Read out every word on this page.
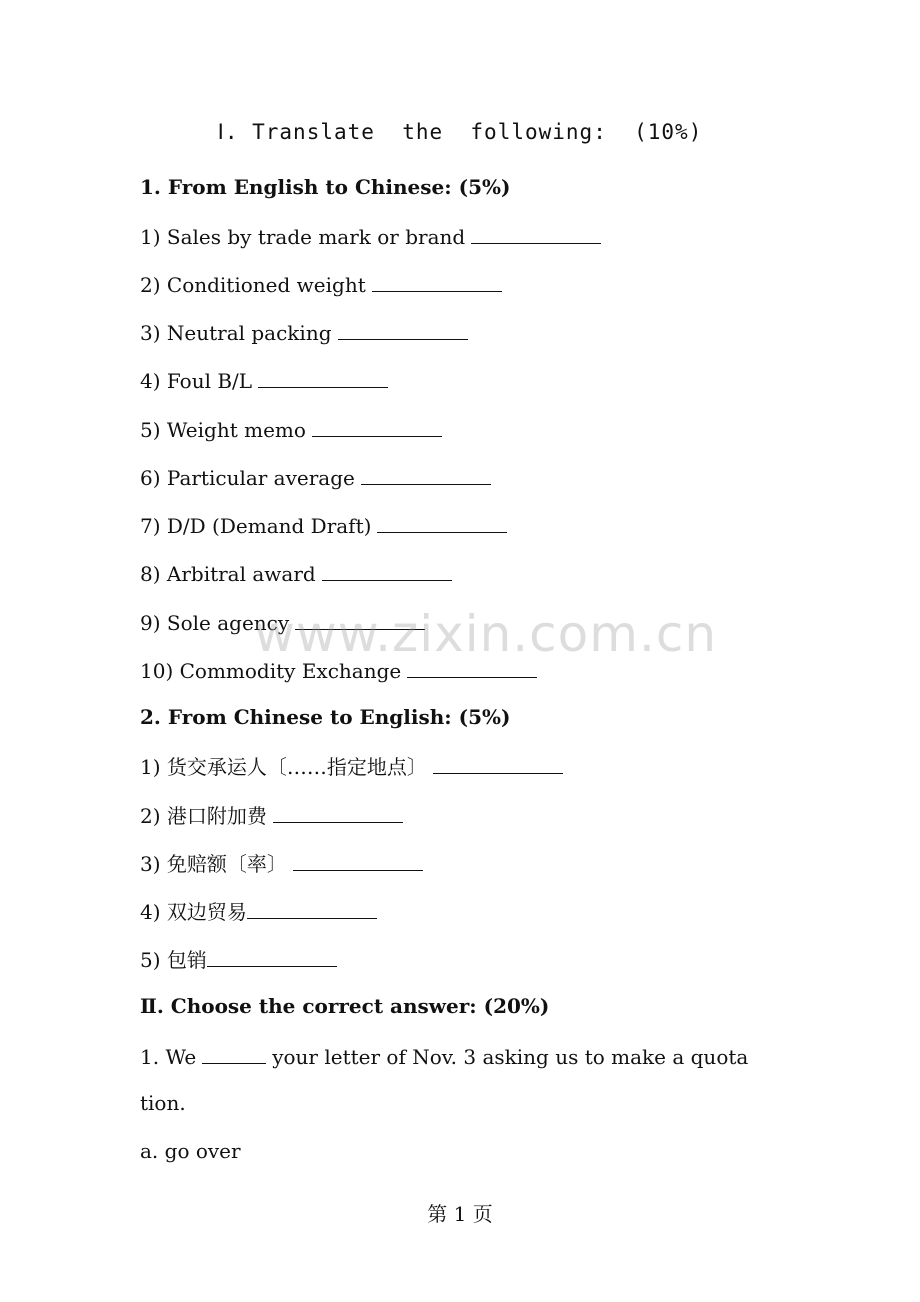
Ⅰ. Translate  the  following:  (10%)
1. From English to Chinese: (5%)
1) Sales by trade mark or brand
2) Conditioned weight
3) Neutral packing
4) Foul B/L
5) Weight memo
6) Particular average
7) D/D (Demand Draft)
8) Arbitral award
9) Sole agency
10) Commodity Exchange
2. From Chinese to English: (5%)
1) 货交承运人〔……指定地点〕
2) 港口附加费
3) 免赔额〔率〕
4) 双边贸易
5) 包销
Ⅱ. Choose the correct answer: (20%)
1. We	your letter of Nov. 3 asking us to make a quota
tion.
a. go over
www.zixin.com.cn
第 1 页
